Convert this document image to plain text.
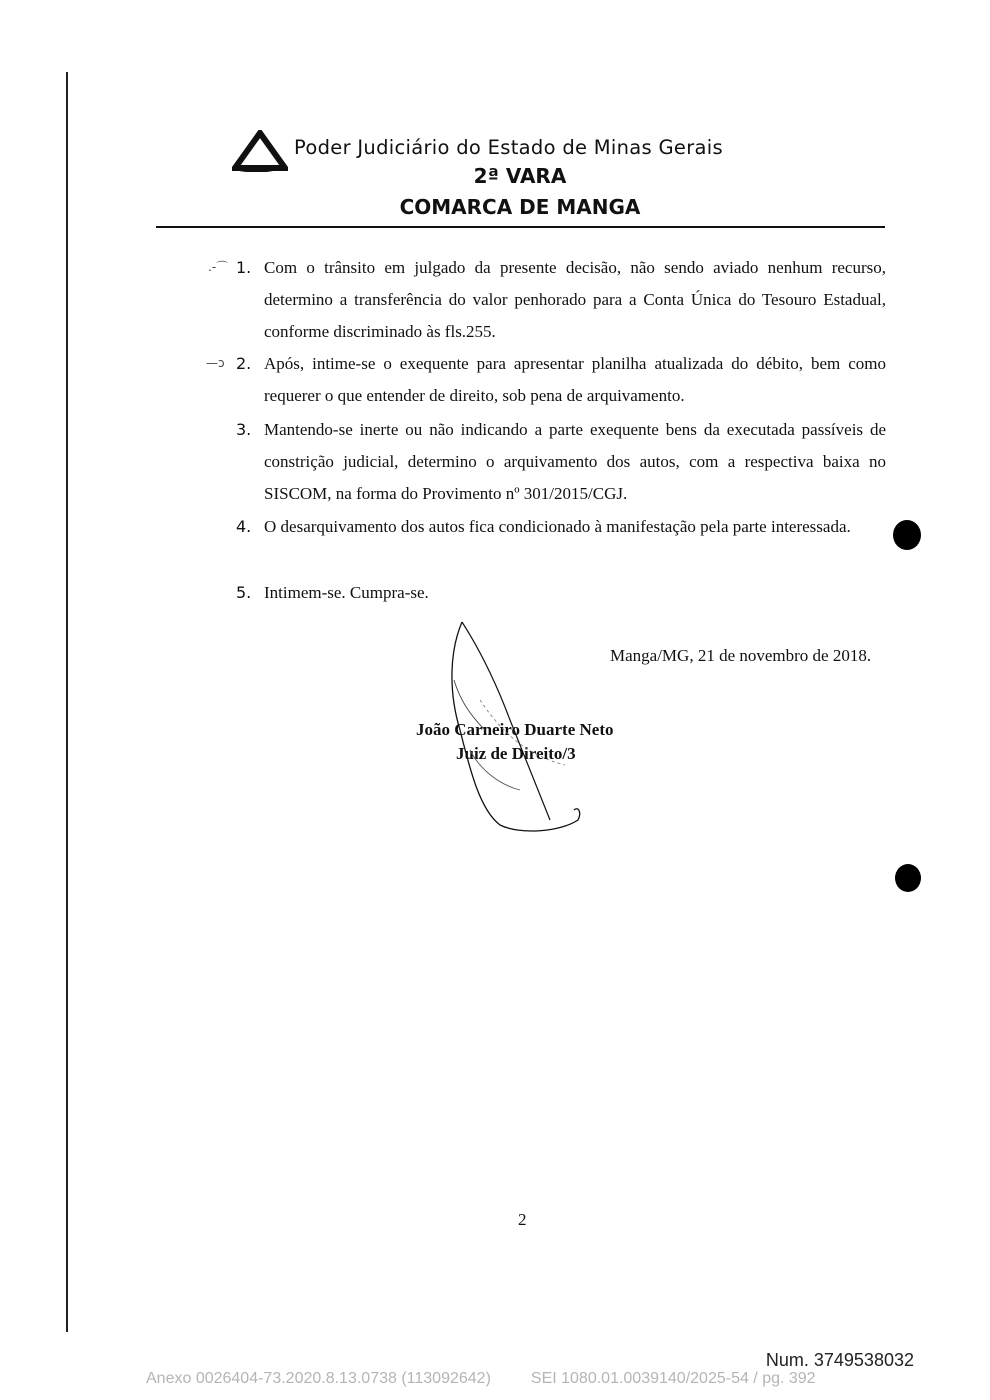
Poder Judiciário do Estado de Minas Gerais
2ª VARA
COMARCA DE MANGA
.-⌒
—ᴐ
1. Com o trânsito em julgado da presente decisão, não sendo aviado nenhum recurso, determino a transferência do valor penhorado para a Conta Única do Tesouro Estadual, conforme discriminado às fls.255.
2. Após, intime-se o exequente para apresentar planilha atualizada do débito, bem como requerer o que entender de direito, sob pena de arquivamento.
3. Mantendo-se inerte ou não indicando a parte exequente bens da executada passíveis de constrição judicial, determino o arquivamento dos autos, com a respectiva baixa no SISCOM, na forma do Provimento nº 301/2015/CGJ.
4. O desarquivamento dos autos fica condicionado à manifestação pela parte interessada.
5. Intimem-se. Cumpra-se.
Manga/MG, 21 de novembro de 2018.
João Carneiro Duarte Neto
Juiz de Direito/3
2
Num. 3749538032
Anexo 0026404-73.2020.8.13.0738 (113092642)	SEI 1080.01.0039140/2025-54 / pg. 392
